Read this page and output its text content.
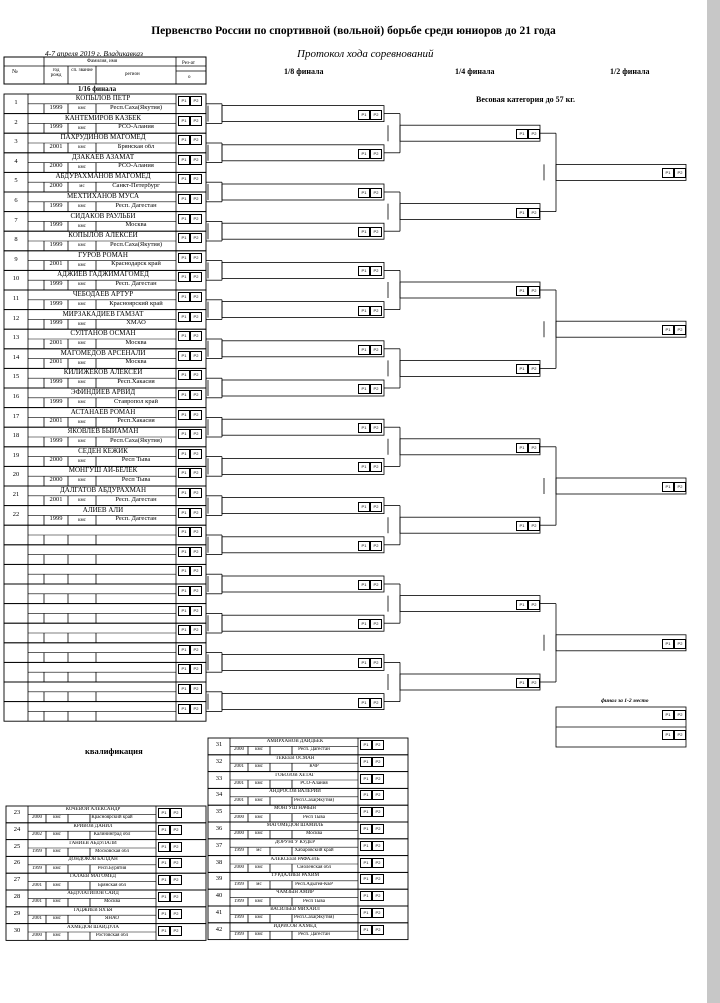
Первенство России по спортивной (вольной) борьбе среди юниоров до 21 года
4-7 апреля 2019 г. Владикавказ	Протокол хода соревнований
1/8 финала	1/4 финала	1/2 финала
1/16 финала
Весовая категория до 57 кг.
квалификация
финал за 1-2 место
№
Фамилия, имя
год рожд
сп. звание
регион
Рез-ат
о
1
КОПЫЛОВ ПЕТР
1999	кмс	Респ.Саха(Якутия)
2
КАНТЕМИРОВ КАЗБЕК
1999	кмс	РСО-Алания
3
ПАХРУДИНОВ МАГОМЕД
2001	кмс	Брянская обл
4
ДЗАКАЕВ АЗАМАТ
2000	кмс	РСО-Алания
5
АБДУРАХМАНОВ МАГОМЕД
2000	мс	Санкт-Петербург
6
МЕХТИХАНОВ МУСА
1999	кмс	Респ. Дагестан
7
СИДАКОВ РАУЛЬБИ
1999	кмс	Москва
8
КОПЫЛОВ АЛЕКСЕЙ
1999	кмс	Респ.Саха(Якутия)
9
ГУРОВ РОМАН
2001	кмс	Краснодарск край
10
АДЖИЕВ ГАДЖИМАГОМЕД
1999	кмс	Респ. Дагестан
11
ЧЕБОДАЕВ АРТУР
1999	кмс	Красноярский край
12
МИРЗАКАДИЕВ ГАМЗАТ
1999	кмс	ХМАО
13
СУЛТАНОВ ОСМАН
2001	кмс	Москва
14
МАГОМЕДОВ АРСЕНАЛИ
2001	кмс	Москва
15
КИЛИЖЕКОВ АЛЕКСЕЙ
1999	кмс	Респ.Хакасия
16
ЭФИНДИЕВ АРВИД
1999	кмс	Ставропол край
17
АСТАНАЕВ РОМАН
2001	кмс	Респ.Хакасия
18
ЯКОВЛЕВ БЫЙАМАН
1999	кмс	Респ.Саха(Якутия)
19
СЕДЕН КЕЖИК
2000	кмс	Респ Тыва
20
МОНГУШ АЙ-БЕЛЕК
2000	кмс	Респ Тыва
21
ДАЛГАТОВ АБДУРАХМАН
2001	кмс	Респ. Дагестан
22
АЛИЕВ АЛИ
1999	кмс	Респ. Дагестан
23	КОЧЕВОЙ АЛЕКСАНДР
2000	кмс	Красноярский край
24	КРИВОВ ДАНИЛ
2002	кмс	Калининград обл
25	ГАНИЕВ АБДУЛАЛИ
1999	кмс	Московская обл
26	ДОНДОКОВ БАЛДАН
1999	кмс	Респ.Бурятия
27	ГАЛАЕВ МАГОМЕД
2001	кмс	Брянская обл
28	АБДУЛАТИПОВ САЙД
2001	кмс	Москва
29	ГАДЖИЕВ ЯХЪЯ
2001	кмс	ЯНАО
30	АХМЕДОВ ШАЙДУЛА
2000	кмс	Ростовская обл
31	АМИРХАНОВ ДАИДБЕК
2000	кмс	Респ. Дагестан
32	ТЕКЕЕВ ОСМАН
2001	кмс	КЧР
33	ГОБОЗОВ ХЕТАГ
2001	кмс	РСО-Алания
34	АНДРОСОВ ВАЛЕРИЙ
2001	кмс	Респ.Саха(Якутия)
35	МОНГУШ НАЧЫН
2000	кмс	Респ Тыва
36	МАГОМЕДОВ ШАМИЛЬ
2000	кмс	Москва
37	ДОРУНГУ КУДЕР
1999	мс	Хабаровский край
38	АЛЕКСЕЕВ РАФАЭЛЬ
2000	кмс	Смоленская обл
39	ТУРДАЛИЕВ РАХИМ
1999	мс	Респ.Адыгея-КБР
40	ЧАМЗЫН АМИР
1999	кмс	Респ Тыва
41	ВАСИЛЬЕВ МИХАИЛ
1999	кмс	Респ.Саха(Якутия)
42	ИДРИСОВ АХМЕД
1999	кмс	Респ. Дагестан
Р1	Р2
Р1	Р2
Р1	Р2
Р1	Р2
Р1	Р2
Р1	Р2
Р1	Р2
Р1	Р2
Р1	Р2
Р1	Р2
Р1	Р2
Р1	Р2
Р1	Р2
Р1	Р2
Р1	Р2
Р1	Р2
Р1	Р2
Р1	Р2
Р1	Р2
Р1	Р2
Р1	Р2
Р1	Р2
Р1	Р2
Р1	Р2
Р1	Р2
Р1	Р2
Р1	Р2
Р1	Р2
Р1	Р2
Р1	Р2
Р1	Р2
Р1	Р2
Р1	Р2
Р1	Р2
Р1	Р2
Р1	Р2
Р1	Р2
Р1	Р2
Р1	Р2
Р1	Р2
Р1	Р2
Р1	Р2
Р1	Р2
Р1	Р2
Р1	Р2
Р1	Р2
Р1	Р2
Р1	Р2
Р1	Р2
Р1	Р2
Р1	Р2
Р1	Р2
Р1	Р2
Р1	Р2
Р1	Р2
Р1	Р2
Р1	Р2
Р1	Р2
Р1	Р2
Р1	Р2
Р1	Р2
Р1	Р2
Р1	Р2
Р1	Р2
Р1	Р2
Р1	Р2
Р1	Р2
Р1	Р2
Р1	Р2
Р1	Р2
Р1	Р2
Р1	Р2
Р1	Р2
Р1	Р2
Р1	Р2
Р1	Р2
Р1	Р2
Р1	Р2
Р1	Р2
Р1	Р2
Р1	Р2
Р1	Р2
